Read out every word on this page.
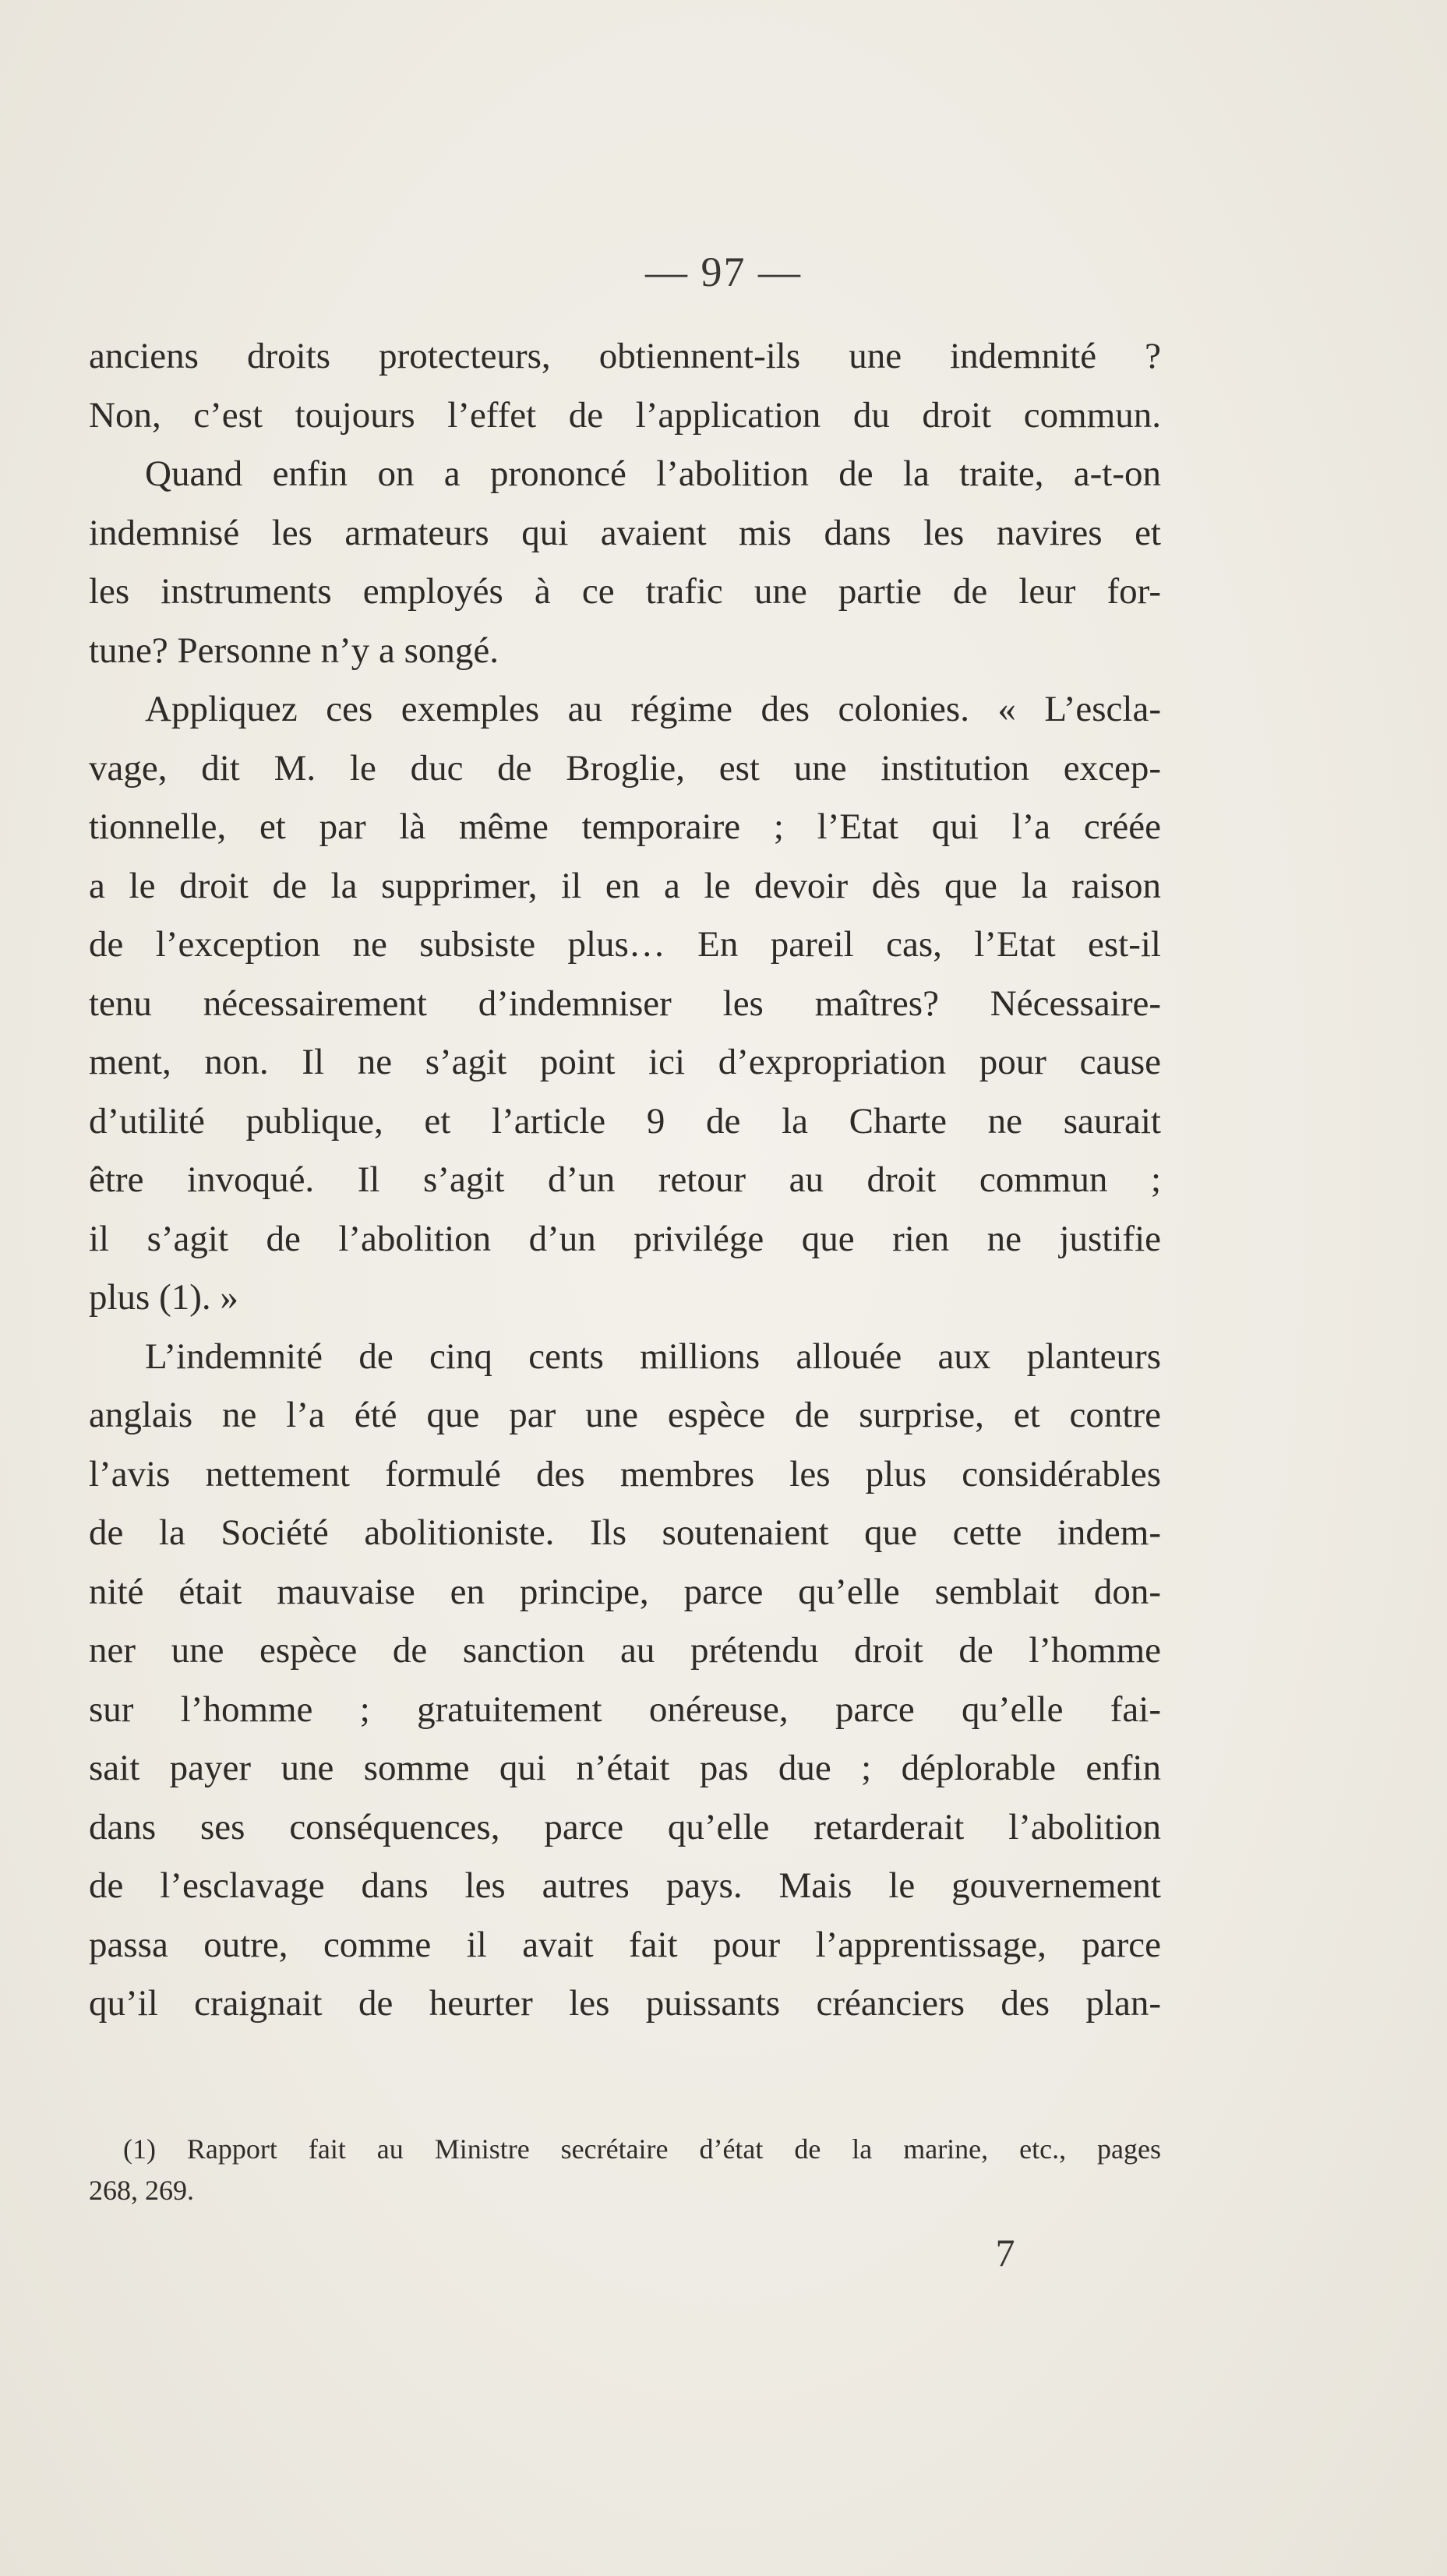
— 97 —
anciens droits protecteurs, obtiennent-ils une indemnité ?
Non, c’est toujours l’effet de l’application du droit commun.
Quand enfin on a prononcé l’abolition de la traite, a-t-on
indemnisé les armateurs qui avaient mis dans les navires et
les instruments employés à ce trafic une partie de leur for-
tune? Personne n’y a songé.
Appliquez ces exemples au régime des colonies. « L’escla-
vage, dit M. le duc de Broglie, est une institution excep-
tionnelle, et par là même temporaire ; l’Etat qui l’a créée
a le droit de la supprimer, il en a le devoir dès que la raison
de l’exception ne subsiste plus… En pareil cas, l’Etat est-il
tenu nécessairement d’indemniser les maîtres? Nécessaire-
ment, non. Il ne s’agit point ici d’expropriation pour cause
d’utilité publique, et l’article 9 de la Charte ne saurait
être invoqué. Il s’agit d’un retour au droit commun ;
il s’agit de l’abolition d’un privilége que rien ne justifie
plus (1). »
L’indemnité de cinq cents millions allouée aux planteurs
anglais ne l’a été que par une espèce de surprise, et contre
l’avis nettement formulé des membres les plus considérables
de la Société abolitioniste. Ils soutenaient que cette indem-
nité était mauvaise en principe, parce qu’elle semblait don-
ner une espèce de sanction au prétendu droit de l’homme
sur l’homme ; gratuitement onéreuse, parce qu’elle fai-
sait payer une somme qui n’était pas due ; déplorable enfin
dans ses conséquences, parce qu’elle retarderait l’abolition
de l’esclavage dans les autres pays. Mais le gouvernement
passa outre, comme il avait fait pour l’apprentissage, parce
qu’il craignait de heurter les puissants créanciers des plan-
(1) Rapport fait au Ministre secrétaire d’état de la marine, etc., pages
268, 269.
7
